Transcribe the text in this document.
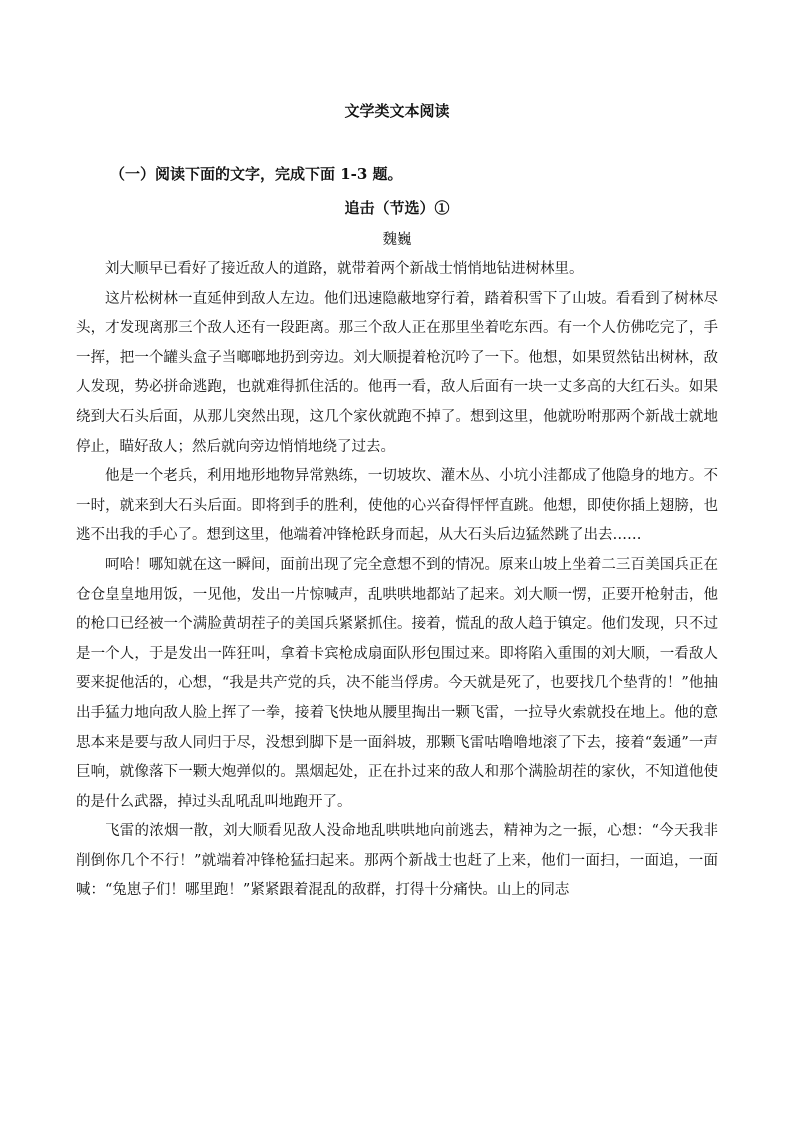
文学类文本阅读
（一）阅读下面的文字，完成下面 1-3 题。
追击（节选）①
魏巍

刘大顺早已看好了接近敌人的道路，就带着两个新战士悄悄地钻进树林里。

这片松树林一直延伸到敌人左边。他们迅速隐蔽地穿行着，踏着积雪下了山坡。看看到了树林尽头，才发现离那三个敌人还有一段距离。那三个敌人正在那里坐着吃东西。有一个人仿佛吃完了，手一挥，把一个罐头盒子当啷啷地扔到旁边。刘大顺提着枪沉吟了一下。他想，如果贸然钻出树林，敌人发现，势必拼命逃跑，也就难得抓住活的。他再一看，敌人后面有一块一丈多高的大红石头。如果绕到大石头后面，从那儿突然出现，这几个家伙就跑不掉了。想到这里，他就吩咐那两个新战士就地停止，瞄好敌人；然后就向旁边悄悄地绕了过去。

他是一个老兵，利用地形地物异常熟练，一切坡坎、灌木丛、小坑小洼都成了他隐身的地方。不一时，就来到大石头后面。即将到手的胜利，使他的心兴奋得怦怦直跳。他想，即使你插上翅膀，也逃不出我的手心了。想到这里，他端着冲锋枪跃身而起，从大石头后边猛然跳了出去……

呵哈！哪知就在这一瞬间，面前出现了完全意想不到的情况。原来山坡上坐着二三百美国兵正在仓仓皇皇地用饭，一见他，发出一片惊喊声，乱哄哄地都站了起来。刘大顺一愣，正要开枪射击，他的枪口已经被一个满脸黄胡茬子的美国兵紧紧抓住。接着，慌乱的敌人趋于镇定。他们发现，只不过是一个人，于是发出一阵狂叫，拿着卡宾枪成扇面队形包围过来。即将陷入重围的刘大顺，一看敌人要来捉他活的，心想，“我是共产党的兵，决不能当俘虏。今天就是死了，也要找几个垫背的！”他抽出手猛力地向敌人脸上挥了一拳，接着飞快地从腰里掏出一颗飞雷，一拉导火索就投在地上。他的意思本来是要与敌人同归于尽，没想到脚下是一面斜坡，那颗飞雷咕噜噜地滚了下去，接着“轰通”一声巨响，就像落下一颗大炮弹似的。黑烟起处，正在扑过来的敌人和那个满脸胡茬的家伙，不知道他使的是什么武器，掉过头乱吼乱叫地跑开了。

飞雷的浓烟一散，刘大顺看见敌人没命地乱哄哄地向前逃去，精神为之一振，心想：“今天我非削倒你几个不行！”就端着冲锋枪猛扫起来。那两个新战士也赶了上来，他们一面扫，一面追，一面喊：“兔崽子们！哪里跑！”紧紧跟着混乱的敌群，打得十分痛快。山上的同志
